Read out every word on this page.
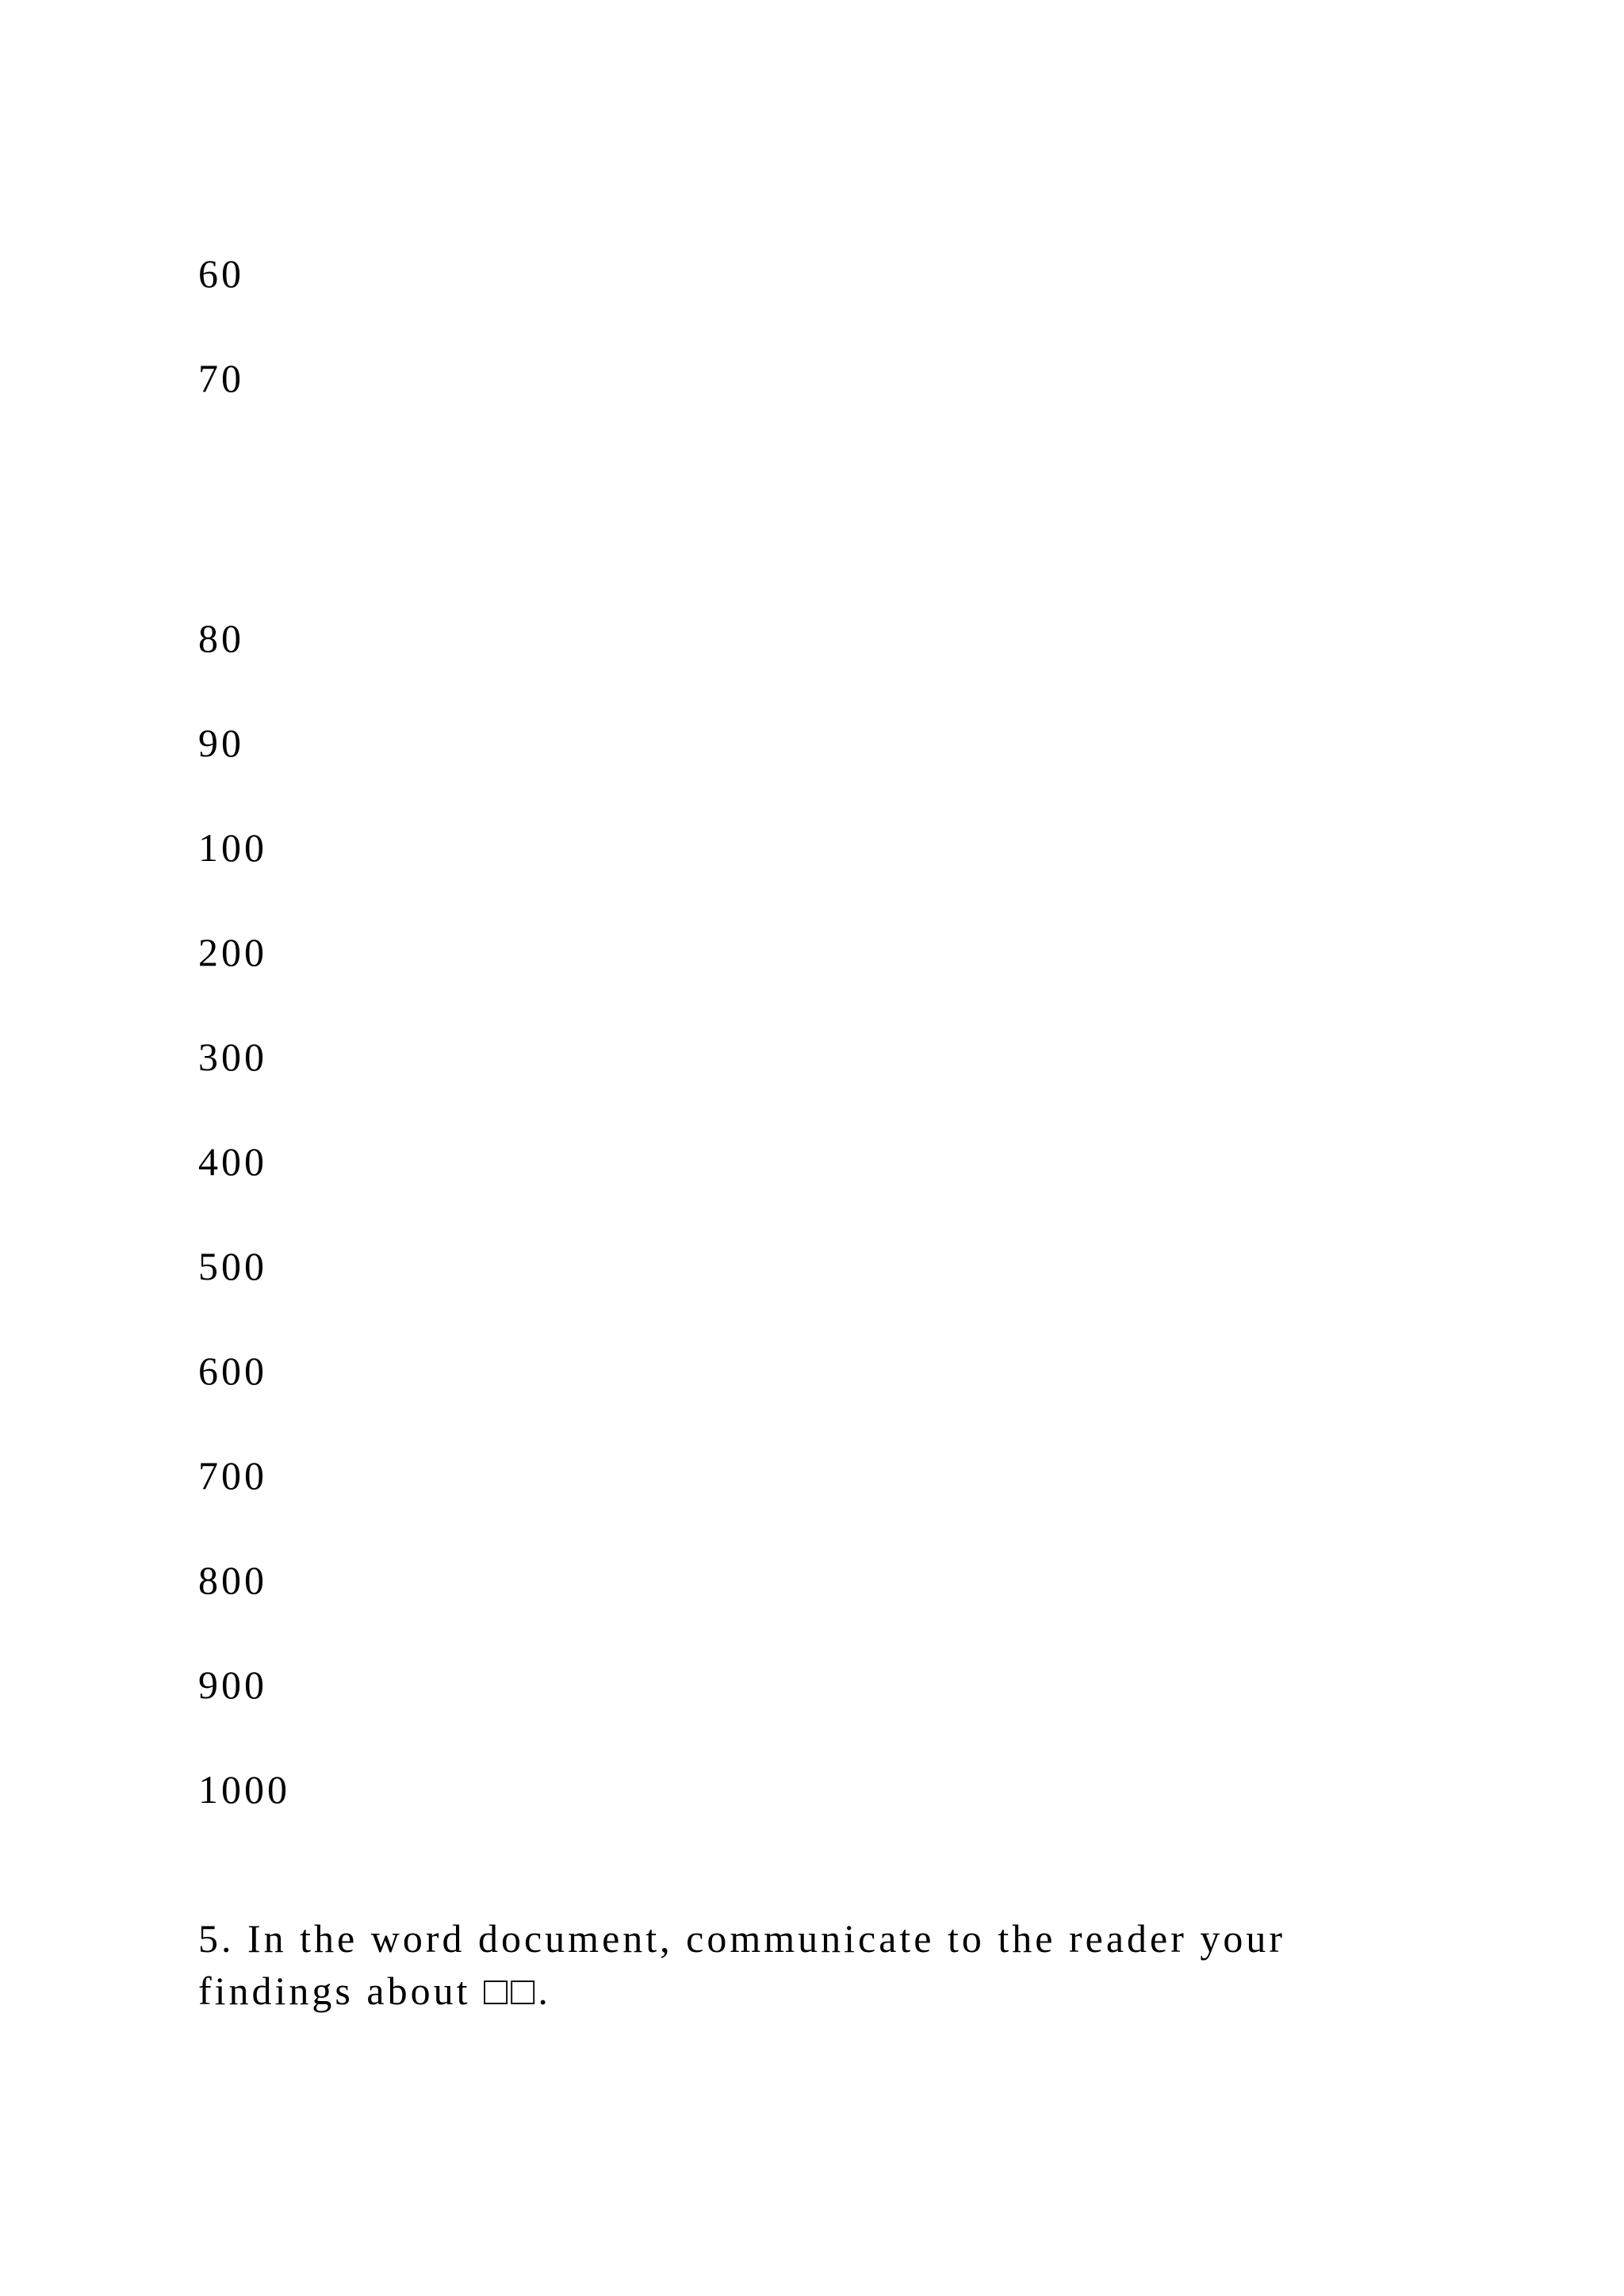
60
70
80
90
100
200
300
400
500
600
700
800
900
1000
5. In the word document, communicate to the reader your
findings about □□.
